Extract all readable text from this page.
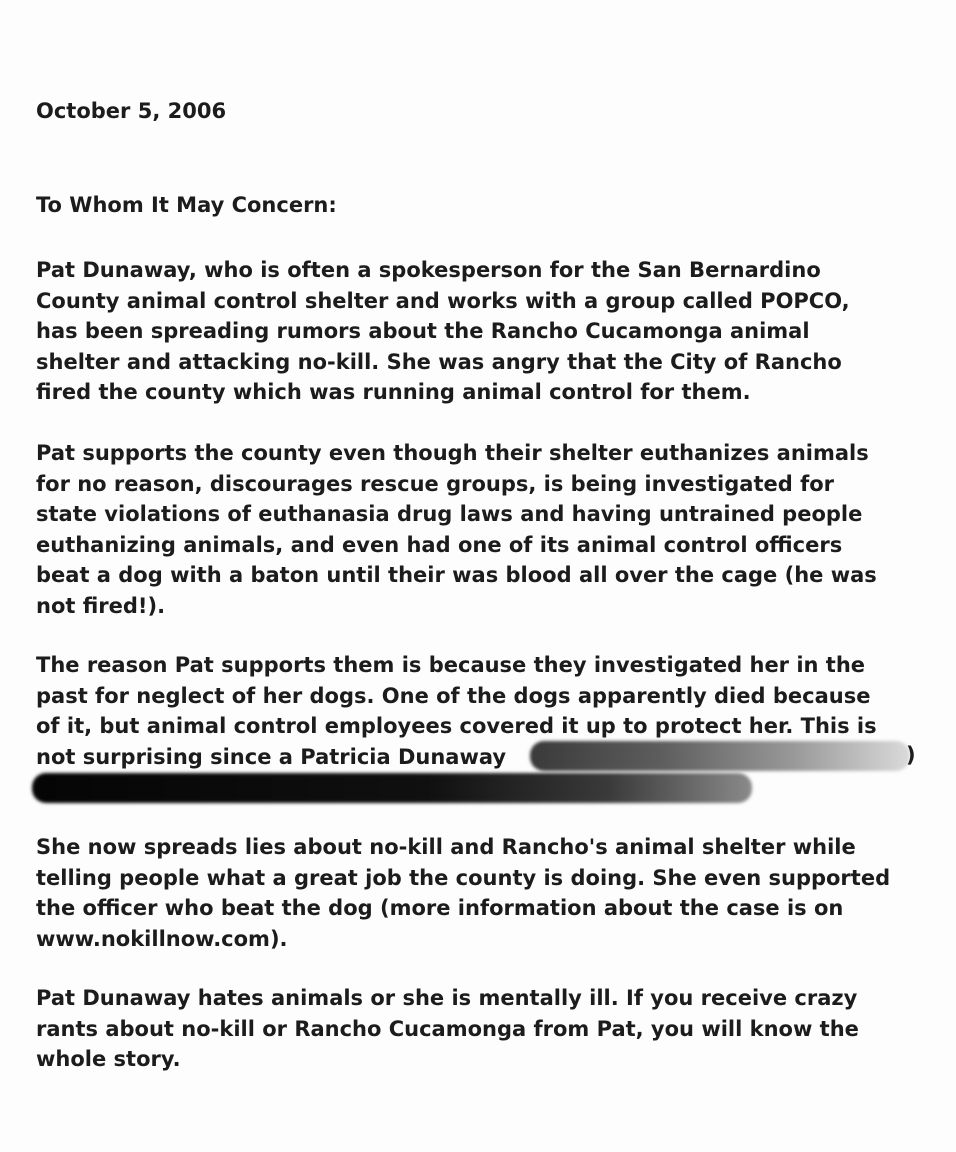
October 5, 2006
To Whom It May Concern:

Pat Dunaway, who is often a spokesperson for the San Bernardino
County animal control shelter and works with a group called POPCO,
has been spreading rumors about the Rancho Cucamonga animal
shelter and attacking no-kill. She was angry that the City of Rancho
fired the county which was running animal control for them.

Pat supports the county even though their shelter euthanizes animals
for no reason, discourages rescue groups, is being investigated for
state violations of euthanasia drug laws and having untrained people
euthanizing animals, and even had one of its animal control officers
beat a dog with a baton until their was blood all over the cage (he was
not fired!).

The reason Pat supports them is because they investigated her in the
past for neglect of her dogs. One of the dogs apparently died because
of it, but animal control employees covered it up to protect her. This is
not surprising since a Patricia Dunaway	)

She now spreads lies about no-kill and Rancho's animal shelter while
telling people what a great job the county is doing. She even supported
the officer who beat the dog (more information about the case is on
www.nokillnow.com).

Pat Dunaway hates animals or she is mentally ill. If you receive crazy
rants about no-kill or Rancho Cucamonga from Pat, you will know the
whole story.
